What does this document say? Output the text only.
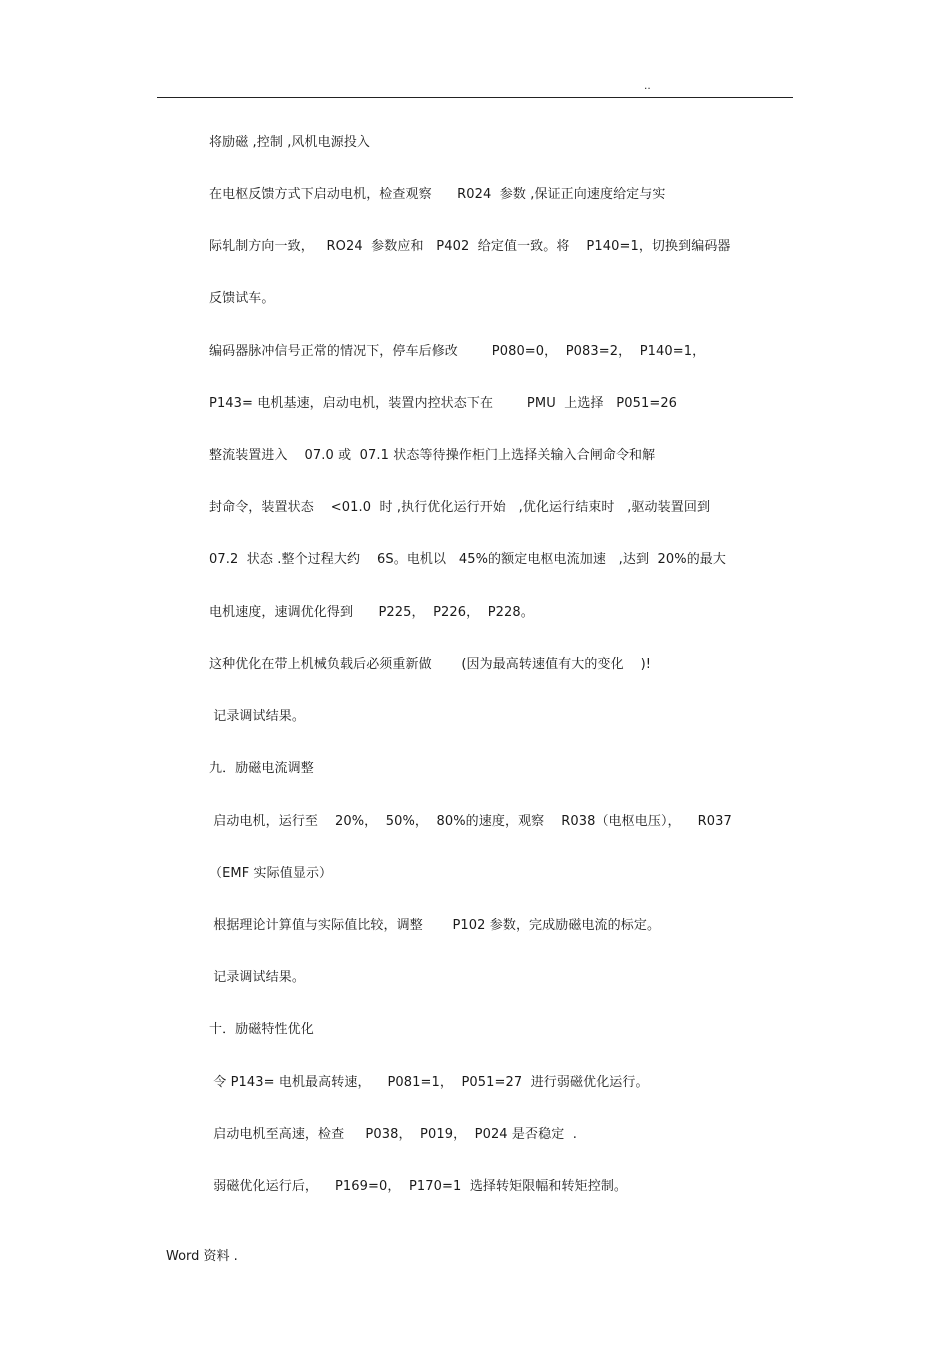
..
将励磁 ,控制 ,风机电源投入
在电枢反馈方式下启动电机，检查观察      R024  参数 ,保证正向速度给定与实
际轧制方向一致，   RO24  参数应和   P402  给定值一致。将    P140=1，切换到编码器
反馈试车。
编码器脉冲信号正常的情况下，停车后修改        P080=0，  P083=2，  P140=1，
P143= 电机基速，启动电机，装置内控状态下在        PMU  上选择   P051=26
整流装置进入    07.0 或  07.1 状态等待操作柜门上选择关输入合闸命令和解
封命令，装置状态    <01.0  时 ,执行优化运行开始   ,优化运行结束时   ,驱动装置回到
07.2  状态 .整个过程大约    6S。电机以   45%的额定电枢电流加速   ,达到  20%的最大
电机速度，速调优化得到      P225，  P226，  P228。
这种优化在带上机械负载后必须重新做       (因为最高转速值有大的变化    )!
记录调试结果。
九．励磁电流调整
启动电机，运行至    20%，  50%，  80%的速度，观察    R038（电枢电压），    R037
（EMF 实际值显示）
根据理论计算值与实际值比较，调整       P102 参数，完成励磁电流的标定。
记录调试结果。
十．励磁特性优化
令 P143= 电机最高转速，    P081=1，  P051=27  进行弱磁优化运行。
启动电机至高速，检查     P038，  P019，  P024 是否稳定  .
弱磁优化运行后，    P169=0，  P170=1  选择转矩限幅和转矩控制。
Word 资料 .
